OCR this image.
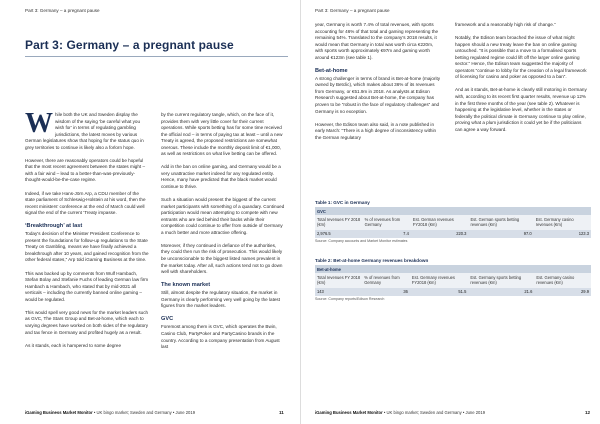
Part 3: Germany – a pregnant pause
Part 3: Germany – a pregnant pause

While both the UK and Sweden display the wisdom of the saying ‘be careful what you wish for’ in terms of regulating gambling jurisdictions, the latest moves by various German legislatures show that hoping for the status quo in grey territories to continue is likely also a forlorn hope.

However, there are reasonably operators could be hopeful that the most recent agreement between the states might – with a fair wind – lead to a better-than-was-previously-thought-would-be-the-case regime.

Indeed, if we take Hans-Jörn Arp, a CDU member of the state parliament of Schleswig-Holstein at his word, then the recent ministers’ conference at the end of March could well signal the end of the current ‘Treaty impasse.

‘Breakthrough’ at last

Today’s decision of the Minister President Conference to present the foundations for follow-up regulations to the State Treaty on Gambling, means we have finally achieved a breakthrough after 10 years, and gained recognition from the other federal states,” Arp told iGaming Business at the time.

This was backed up by comments from Wulf Hambach, Stefan Bolay and Stefanie Fuchs of leading German law firm Hambach & Hambach, who stated that by mid-2021 all verticals – including the currently banned online gaming – would be regulated.

This would spell very good news for the market leaders such as GVC, The Stars Group and Bet-at-home, which each to varying degrees have worked on both sides of the regulatory and tax fence in Germany and profited hugely as a result.

As it stands, each is hampered to some degree

by the current regulatory tangle, which, on the face of it, provides them with very little cover for their current operations. While sports betting has for some time received the official nod – in terms of paying tax at least – until a new Treaty is agreed, the proposed restrictions are somewhat onerous. These include the monthly deposit limit of €1,000, as well as restrictions on what live betting can be offered.

Add in the ban on online gaming, and Germany would be a very unattractive market indeed for any regulated entity. Hence, many have predicted that the black market would continue to thrive.

Such a situation would present the biggest of the current market participants with something of a quandary. Continued participation would mean attempting to compete with new entrants who are tied behind their backs while their competition could continue to offer from outside of Germany a much better and more attractive offering.

Moreover, if they continued in defiance of the authorities, they could then run the risk of prosecution. This would likely be unconscionable to the biggest listed names prevalent in the market today. After all, such actions tend not to go down well with shareholders.

The known market

Still, almost despite the regulatory situation, the market in Germany is clearly performing very well going by the latest figures from the market leaders.

GVC

Foremost among them is GVC, which operates the Bwin, Casino Club, PartyPoker and PartyCasino brands in the country. According to a company presentation from August last

iGaming Business Market Monitor • UK bingo market; Sweden and Germany • June 2019	11
Part 3: Germany – a pregnant pause

year, Germany is worth 7.4% of total revenues, with sports accounting for 46% of that total and gaming representing the remaining 54%. Translated to the company’s 2018 results, it would mean that Germany in total was worth circa €220m, with sports worth approximately €97m and gaming worth around €123m (see table 1).

Bet-at-home

A strong challenger in terms of brand is Bet-at-home (majority owned by Betclic), which makes about 36% of its revenues from Germany, or €51.9m in 2018. As analysts at Edison Research suggested about Bet-at-home, the company has proven to be “robust in the face of regulatory challenges” and Germany is no exception.

However, the Edison team also said, in a note published in early March: “There is a high degree of inconsistency within the German regulatory

framework and a reasonably high risk of change.”

Notably, the Edison team broached the issue of what might happen should a new treaty leave the ban on online gaming untouched. “It is possible that a move to a formalised sports betting regulated regime could lift off the larger online gaming sector.” Hence, the Edison team suggested the majority of operators “continue to lobby for the creation of a legal framework of licensing for casino and poker as opposed to a ban”.

And as it stands, Bet-at-home is clearly still motoring in Germany with, according to its recent first quarter results, revenue up 12% in the first three months of the year (see table 2). Whatever is happening at the legislative level, whether in the states or federally the political climate in Germany continue to play online, proving what a plum jurisdiction it could yet be if the politicians can agree a way forward.

Table 1: GVC in Germany
GVC				
Total revenues FY 2018 (€m)	% of revenues from Germany	Est. German revenues FY2018 (€m)	Est. German sports betting revenues (€m)	Est. Germany casino revenues (€m)
2,976.5	7.4	220.3	97.0	123.3
Source: Company accounts and Market Monitor estimates
Table 2: Bet-at-home Germany revenues breakdown
Bet-at-home				
Total revenues FY 2018 (€m)	% of revenues from Germany	Est. Germany revenues FY2018 (€m)	Est. Germany sports betting revenues (€m)	Est. Germany casino revenues (€m)
143	36	51.5	21.6	29.9
Source: Company reports/Edison Research
iGaming Business Market Monitor • UK bingo market; Sweden and Germany • June 2019	12
